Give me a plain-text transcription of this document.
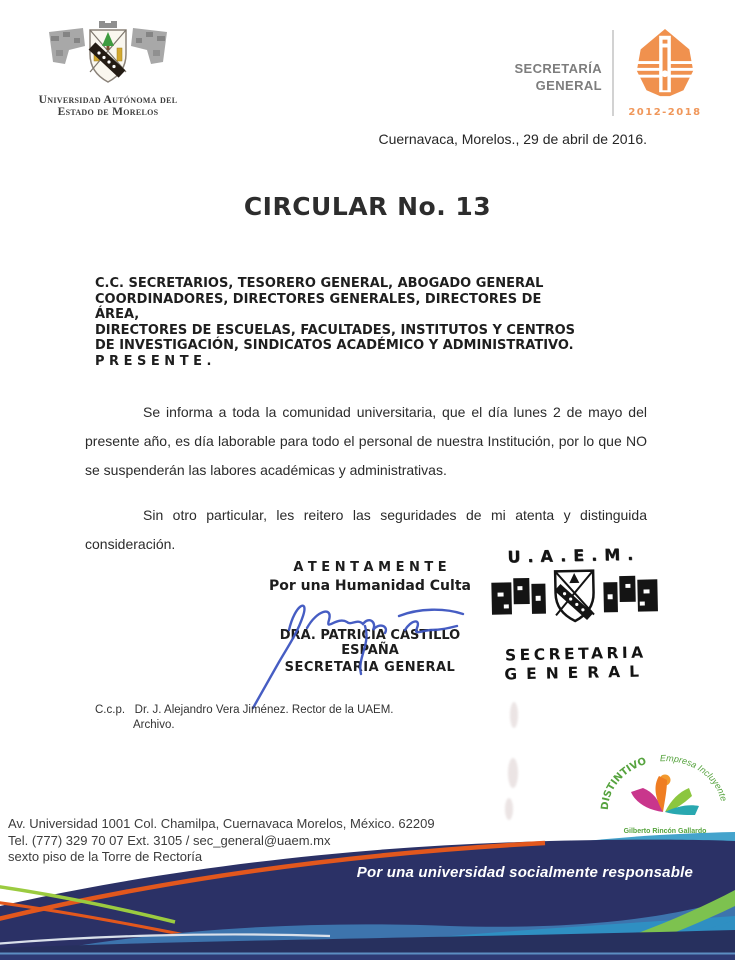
Universidad Autónoma del
Estado de Morelos
SECRETARÍA
GENERAL
2012-2018
Cuernavaca, Morelos., 29 de abril de 2016.
CIRCULAR No. 13
C.C. SECRETARIOS, TESORERO GENERAL, ABOGADO GENERAL
COORDINADORES, DIRECTORES GENERALES, DIRECTORES DE ÁREA,
DIRECTORES DE ESCUELAS, FACULTADES, INSTITUTOS Y CENTROS
DE INVESTIGACIÓN, SINDICATOS ACADÉMICO Y ADMINISTRATIVO.
P R E S E N T E .

Se informa a toda la comunidad universitaria, que el día lunes 2 de mayo del presente año, es día laborable para todo el personal de nuestra Institución, por lo que NO se suspenderán las labores académicas y administrativas.

Sin otro particular, les reitero las seguridades de mi atenta y distinguida consideración.

A T E N T A M E N T E
Por una Humanidad Culta
DRA. PATRICIA CASTILLO ESPAÑA
SECRETARIA GENERAL
U.A.E.M.
SECRETARIA
GENERAL
C.c.p. Dr. J. Alejandro Vera Jiménez. Rector de la UAEM.
Archivo.
DISTINTIVO Empresa Incluyente
Gilberto Rincón Gallardo
Av. Universidad 1001 Col. Chamilpa, Cuernavaca Morelos, México. 62209
Tel. (777) 329 70 07 Ext. 3105 / sec_general@uaem.mx
sexto piso de la Torre de Rectoría
Por una universidad socialmente responsable
